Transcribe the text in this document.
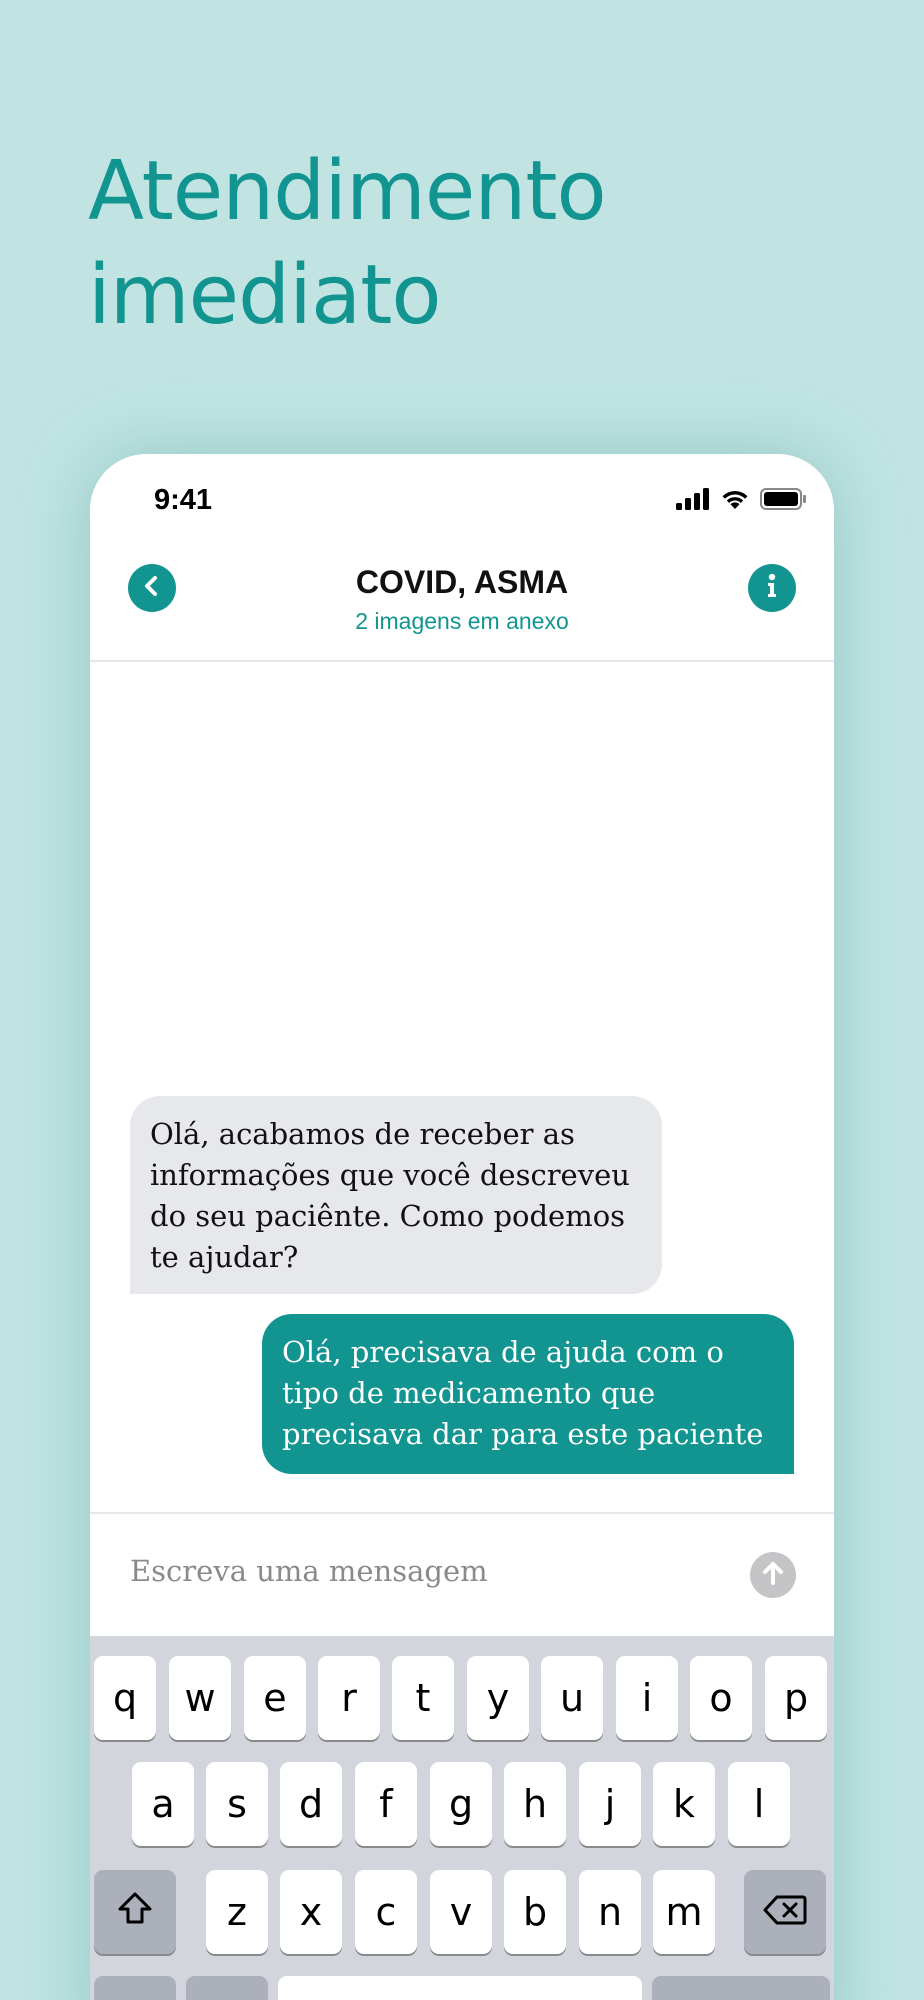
Atendimento
imediato
9:41
COVID, ASMA
2 imagens em anexo
Olá, acabamos de receber as informações que você descreveu do seu paciênte. Como podemos te ajudar?
Olá, precisava de ajuda com o tipo de medicamento que precisava dar para este paciente
Escreva uma mensagem
q	w	e	r	t	y	u	i	o	p
a	s	d	f	g	h	j	k	l
z	x	c	v	b	n	m
